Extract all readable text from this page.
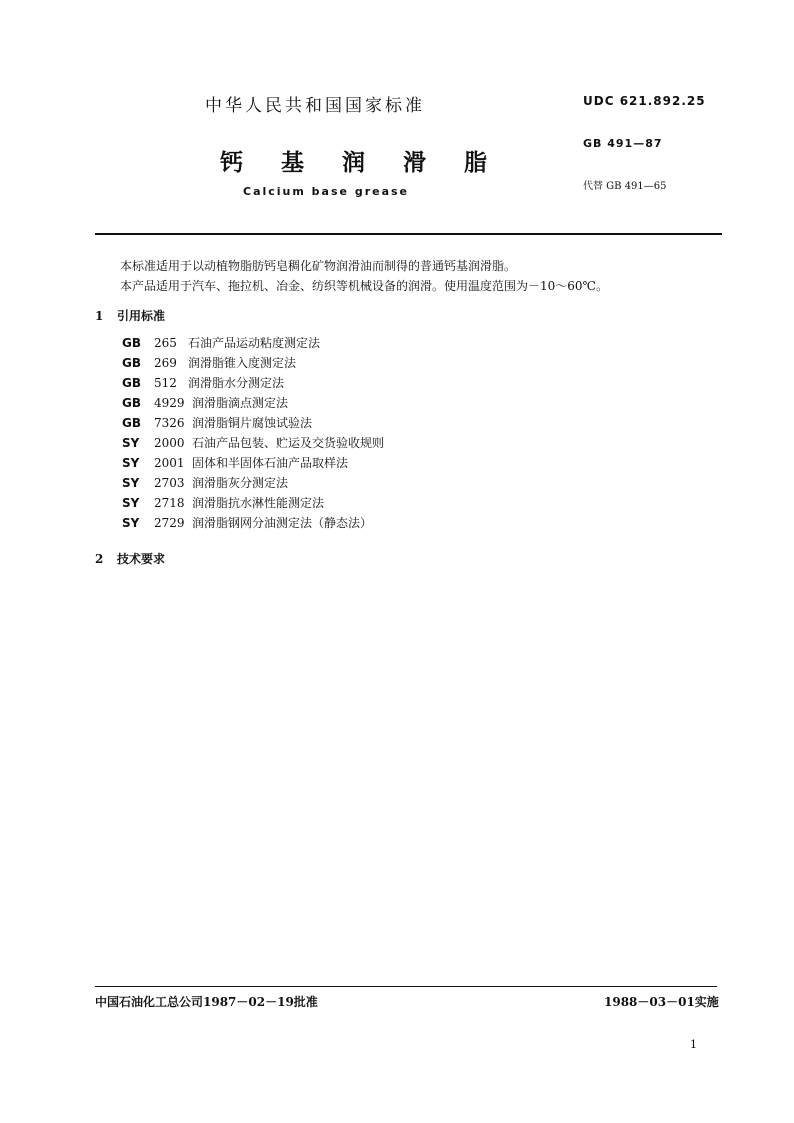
中华人民共和国国家标准
钙 基 润 滑 脂
Calcium base grease
UDC 621.892.25
GB 491—87
代替 GB 491—65
本标准适用于以动植物脂肪钙皂稠化矿物润滑油而制得的普通钙基润滑脂。
本产品适用于汽车、拖拉机、冶金、纺织等机械设备的润滑。使用温度范围为－10～60℃。
1 引用标准
GB 265 石油产品运动粘度测定法
GB 269 润滑脂锥入度测定法
GB 512 润滑脂水分测定法
GB 4929 润滑脂滴点测定法
GB 7326 润滑脂铜片腐蚀试验法
SY 2000 石油产品包装、贮运及交货验收规则
SY 2001 固体和半固体石油产品取样法
SY 2703 润滑脂灰分测定法
SY 2718 润滑脂抗水淋性能测定法
SY 2729 润滑脂钢网分油测定法（静态法）
2 技术要求
中国石油化工总公司1987－02－19批准	1988－03－01实施
1
